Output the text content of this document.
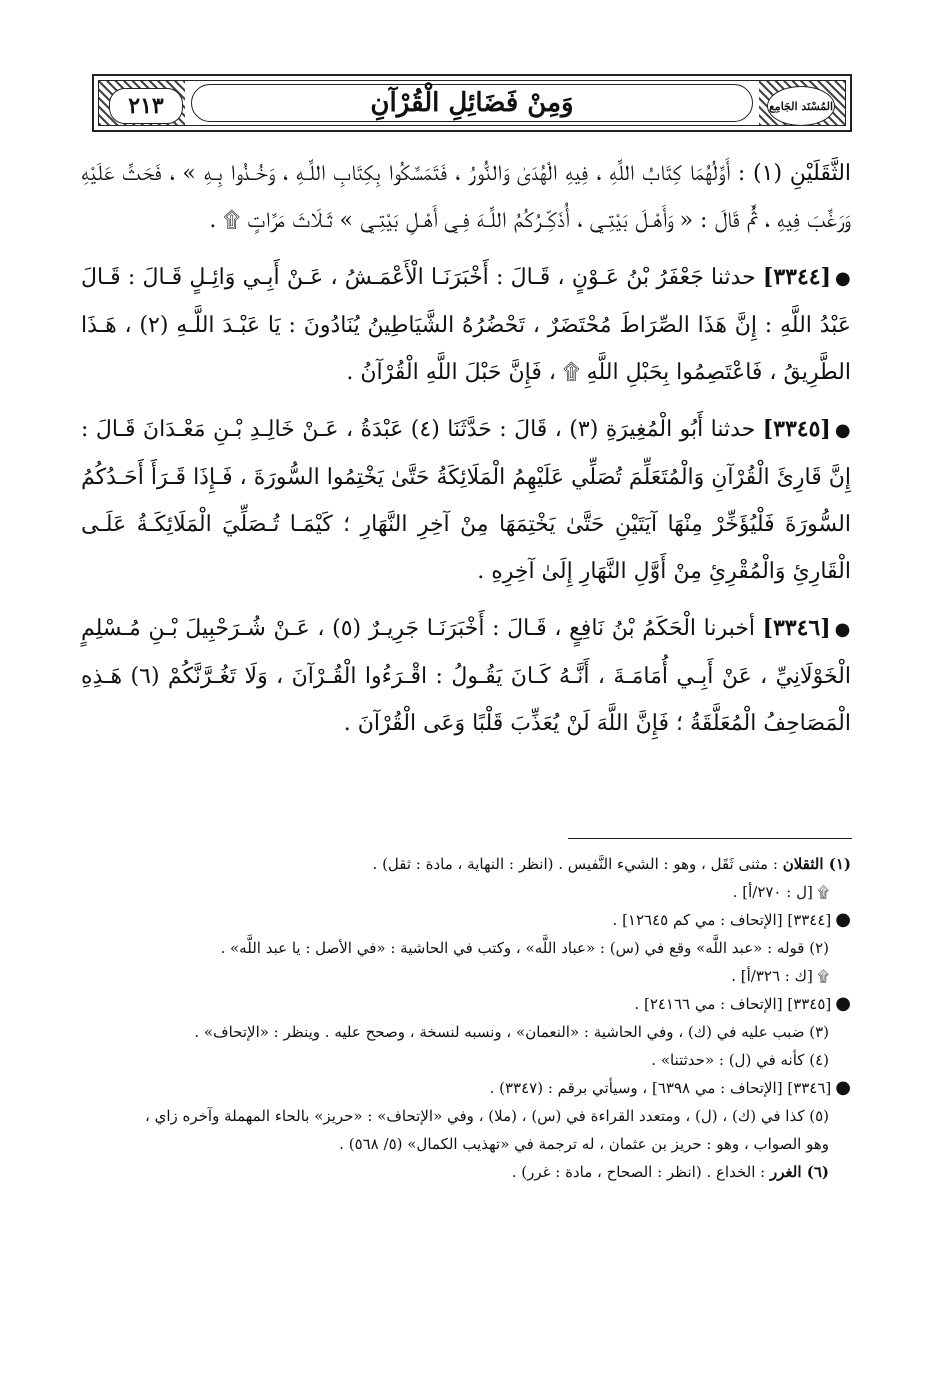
وَمِنْ فَضَائِلِ الْقُرْآنِ
٢١٣	المُسْنَد الجَامِع

الثَّقَلَيْنِ (١) : أَوَّلُهُمَا كِتَابُ اللَّهِ ، فِيهِ الْهُدَىٰ وَالنُّورُ ، فَتَمَسَّكُوا بِكِتَابِ اللَّـهِ ، وَخُـذُوا بِـهِ » ، فَحَثَّ عَلَيْهِ وَرَغَّبَ فِيهِ ، ثُمَّ قَالَ : « وَأَهْـلَ بَيْتِـي ، أُذَكِّـرُكُمُ اللَّـهَ فِـي أَهْـلِ بَيْتِـي » ثَـلَاثَ مَرَّاتٍ ۩ .

●[٣٣٤٤] حدثنا جَعْفَرُ بْنُ عَـوْنٍ ، قَـالَ : أَخْبَرَنَـا الْأَعْمَـشُ ، عَـنْ أَبِـي وَائِـلٍ قَـالَ : قَـالَ عَبْدُ اللَّهِ : إِنَّ هَذَا الصِّرَاطَ مُحْتَضَرٌ ، تَحْضُرُهُ الشَّيَاطِينُ يُنَادُونَ : يَا عَبْـدَ اللَّـهِ (٢) ، هَـذَا الطَّرِيقُ ، فَاعْتَصِمُوا بِحَبْلِ اللَّهِ ۩ ، فَإِنَّ حَبْلَ اللَّهِ الْقُرْآنُ .

●[٣٣٤٥] حدثنا أَبُو الْمُغِيرَةِ (٣) ، قَالَ : حَدَّثَنَا (٤) عَبْدَةُ ، عَـنْ خَالِـدِ بْـنِ مَعْـدَانَ قَـالَ : إِنَّ قَارِئَ الْقُرْآنِ وَالْمُتَعَلِّمَ تُصَلِّي عَلَيْهِمُ الْمَلَائِكَةُ حَتَّىٰ يَخْتِمُوا السُّورَةَ ، فَـإِذَا قَـرَأَ أَحَـدُكُمُ السُّورَةَ فَلْيُؤَخِّرْ مِنْهَا آيَتَيْنِ حَتَّىٰ يَخْتِمَهَا مِنْ آخِرِ النَّهَارِ ؛ كَيْمَـا تُـصَلِّيَ الْمَلَائِكَـةُ عَلَـى الْقَارِئِ وَالْمُقْرِئِ مِنْ أَوَّلِ النَّهَارِ إِلَىٰ آخِرِهِ .

●[٣٣٤٦] أخبرنا الْحَكَمُ بْنُ نَافِعٍ ، قَـالَ : أَخْبَرَنَـا جَرِيـرٌ (٥) ، عَـنْ شُـرَحْبِيلَ بْـنِ مُـسْلِمٍ الْخَوْلَانِيِّ ، عَنْ أَبِـي أُمَامَـةَ ، أَنَّـهُ كَـانَ يَقُـولُ : اقْـرَءُوا الْقُـرْآنَ ، وَلَا تَغُـرَّنَّكُمْ (٦) هَـذِهِ الْمَصَاحِفُ الْمُعَلَّقَةُ ؛ فَإِنَّ اللَّهَ لَنْ يُعَذِّبَ قَلْبًا وَعَى الْقُرْآنَ .

(١) الثقلان : مثنى ثَقَل ، وهو : الشيء النَّفيس . (انظر : النهاية ، مادة : ثقل) .

۩ [ل : ٢٧٠/أ] .

●[٣٣٤٤] [الإتحاف : مي كم ١٢٦٤٥] .

(٢) قوله : «عبد اللَّه» وقع في (س) : «عباد اللَّه» ، وكتب في الحاشية : «في الأصل : يا عبد اللَّه» .

۩ [ك : ٣٢٦/أ] .

●[٣٣٤٥] [الإتحاف : مي ٢٤١٦٦] .

(٣) ضبب عليه في (ك) ، وفي الحاشية : «النعمان» ، ونسبه لنسخة ، وصحح عليه . وينظر : «الإتحاف» .

(٤) كأنه في (ل) : «حدثتنا» .

●[٣٣٤٦] [الإتحاف : مي ٦٣٩٨] ، وسيأتي برقم : (٣٣٤٧) .

(٥) كذا في (ك) ، (ل) ، ومتعدد القراءة في (س) ، (ملا) ، وفي «الإتحاف» : «حريز» بالحاء المهملة وآخره زاي ،

وهو الصواب ، وهو : حريز بن عثمان ، له ترجمة في «تهذيب الكمال» (٥/ ٥٦٨) .

(٦) الغرر : الخداع . (انظر : الصحاح ، مادة : غرر) .
